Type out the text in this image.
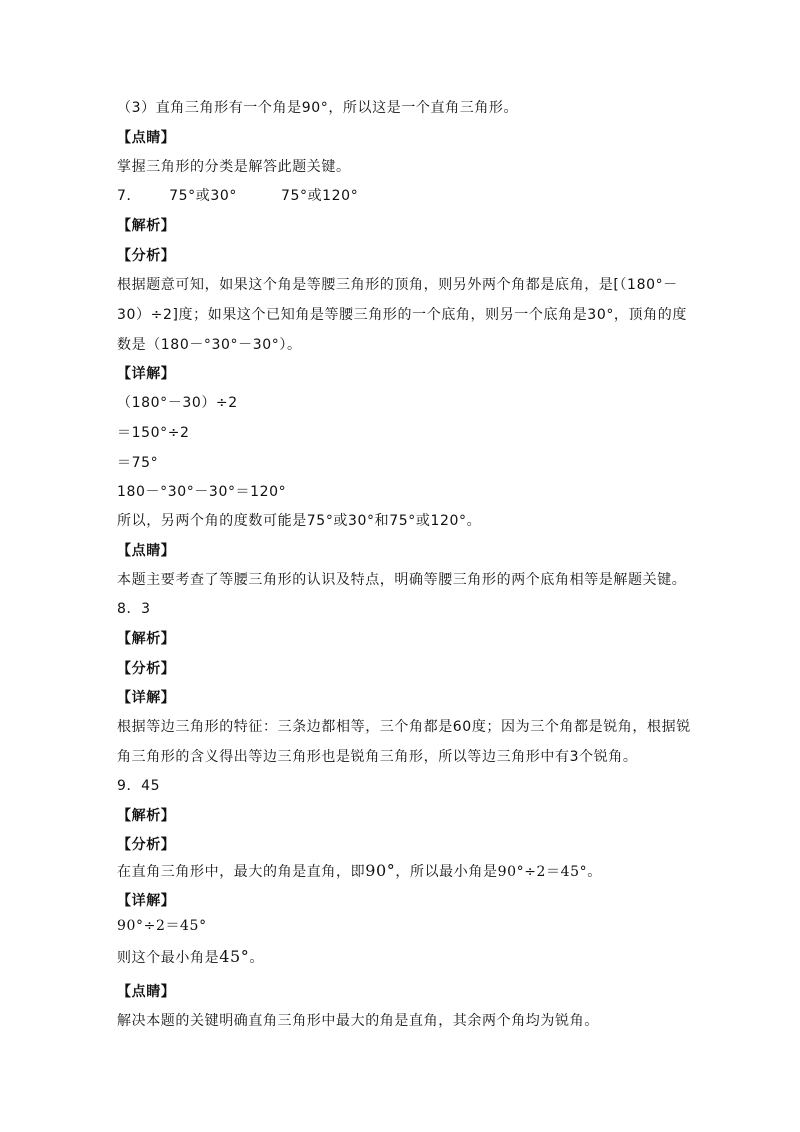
（3）直角三角形有一个角是90°，所以这是一个直角三角形。
【点睛】
掌握三角形的分类是解答此题关键。
7． 75°或30°	75°或120°
【解析】
【分析】
根据题意可知，如果这个角是等腰三角形的顶角，则另外两个角都是底角，是[（180°－
30）÷2]度；如果这个已知角是等腰三角形的一个底角，则另一个底角是30°，顶角的度
数是（180－°30°－30°）。
【详解】
（180°－30）÷2
＝150°÷2
＝75°
180－°30°－30°＝120°
所以，另两个角的度数可能是75°或30°和75°或120°。
【点睛】
本题主要考查了等腰三角形的认识及特点，明确等腰三角形的两个底角相等是解题关键。
8．3
【解析】
【分析】
【详解】
根据等边三角形的特征：三条边都相等，三个角都是60度；因为三个角都是锐角，根据锐
角三角形的含义得出等边三角形也是锐角三角形，所以等边三角形中有3个锐角。
9．45
【解析】
【分析】
在直角三角形中，最大的角是直角，即90°，所以最小角是90°÷2＝45°。
【详解】
90°÷2＝45°
则这个最小角是45°。
【点睛】
解决本题的关键明确直角三角形中最大的角是直角，其余两个角均为锐角。
